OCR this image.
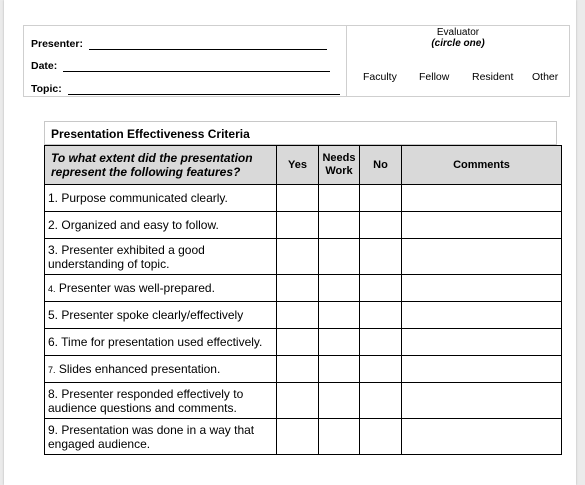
Presenter:
Date:
Topic:
Evaluator
(circle one)
Faculty Fellow Resident Other
Presentation Effectiveness Criteria
To what extent did the presentation represent the following features?	Yes	Needs Work	No	Comments
1. Purpose communicated clearly.				
2. Organized and easy to follow.				
3. Presenter exhibited a good understanding of topic.				
4. Presenter was well-prepared.				
5. Presenter spoke clearly/effectively				
6. Time for presentation used effectively.				
7. Slides enhanced presentation.				
8. Presenter responded effectively to audience questions and comments.				
9. Presentation was done in a way that engaged audience.				
